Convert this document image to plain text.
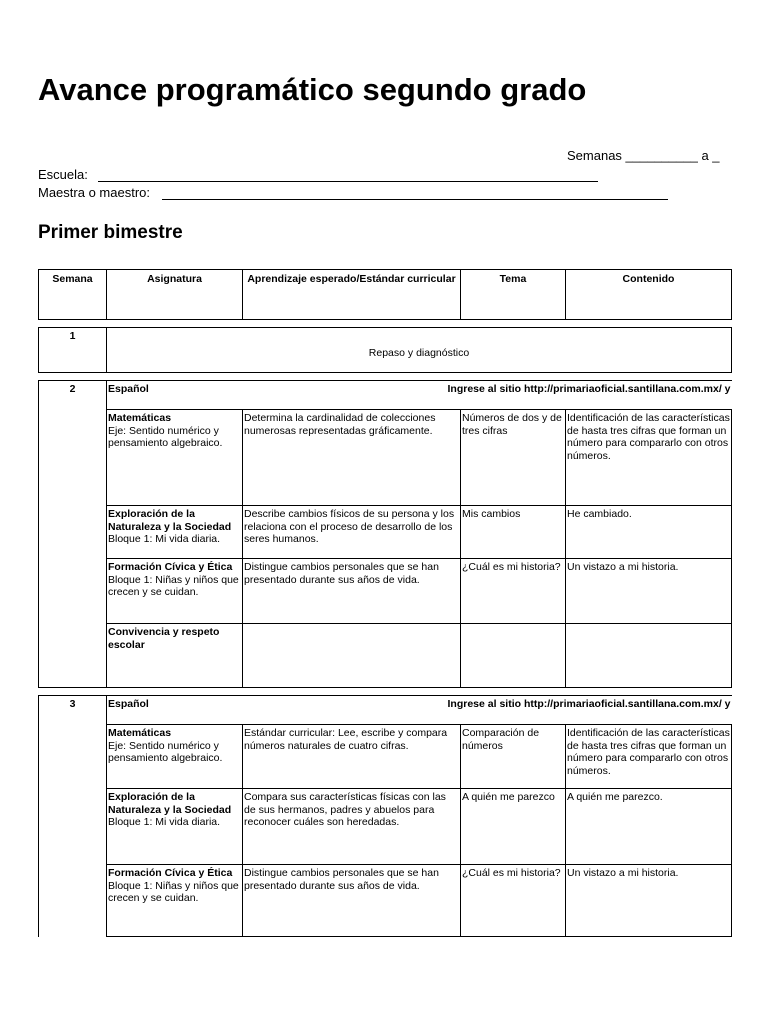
Avance programático segundo grado
Semanas __________ a _
Escuela:
Maestra o maestro:
Primer bimestre
Semana	Asignatura	Aprendizaje esperado/Estándar curricular	Tema	Contenido

1	Repaso y diagnóstico			

2	Español	Ingrese al sitio http://primariaoficial.santillana.com.mx/ y		
	Matemáticas
Eje: Sentido numérico y pensamiento algebraico.	Determina la cardinalidad de colecciones numerosas representadas gráficamente.	Números de dos y de tres cifras	Identificación de las características de hasta tres cifras que forman un número para compararlo con otros números.
	Exploración de la Naturaleza y la Sociedad
Bloque 1: Mi vida diaria.	Describe cambios físicos de su persona y los relaciona con el proceso de desarrollo de los seres humanos.	Mis cambios	He cambiado.
	Formación Cívica y Ética
Bloque 1: Niñas y niños que crecen y se cuidan.	Distingue cambios personales que se han presentado durante sus años de vida.	¿Cuál es mi historia?	Un vistazo a mi historia.
	Convivencia y respeto escolar			

3	Español	Ingrese al sitio http://primariaoficial.santillana.com.mx/ y		
	Matemáticas
Eje: Sentido numérico y pensamiento algebraico.	Estándar curricular: Lee, escribe y compara números naturales de cuatro cifras.	Comparación de números	Identificación de las características de hasta tres cifras que forman un número para compararlo con otros números.
	Exploración de la Naturaleza y la Sociedad
Bloque 1: Mi vida diaria.	Compara sus características físicas con las de sus hermanos, padres y abuelos para reconocer cuáles son heredadas.	A quién me parezco	A quién me parezco.
	Formación Cívica y Ética
Bloque 1: Niñas y niños que crecen y se cuidan.	Distingue cambios personales que se han presentado durante sus años de vida.	¿Cuál es mi historia?	Un vistazo a mi historia.
